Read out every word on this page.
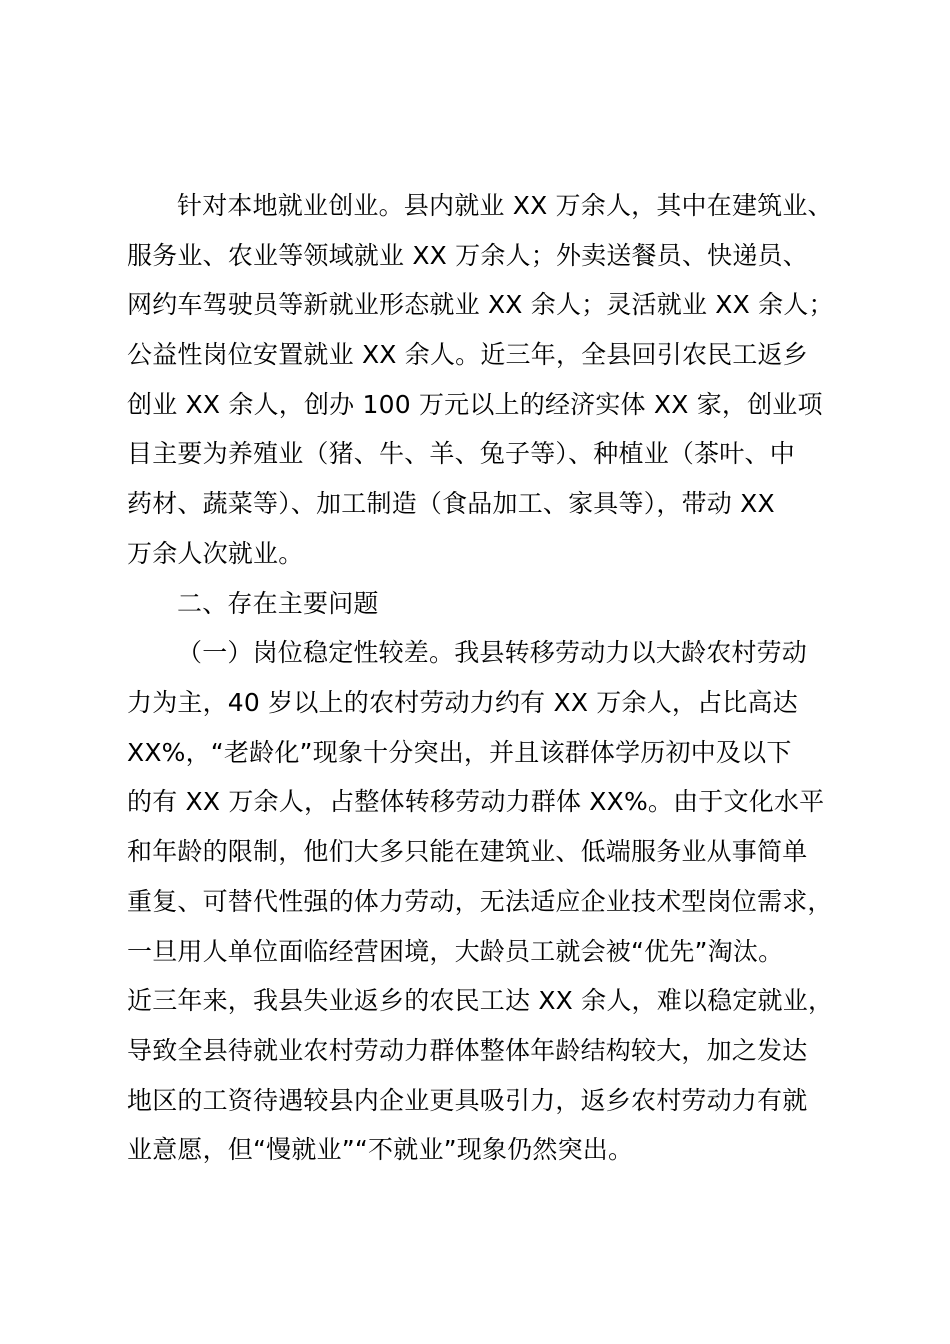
针对本地就业创业。县内就业 XX 万余人，其中在建筑业、
服务业、农业等领域就业 XX 万余人；外卖送餐员、快递员、
网约车驾驶员等新就业形态就业 XX 余人；灵活就业 XX 余人；
公益性岗位安置就业 XX 余人。近三年，全县回引农民工返乡
创业 XX 余人，创办 100 万元以上的经济实体 XX 家，创业项
目主要为养殖业（猪、牛、羊、兔子等）、种植业（茶叶、中
药材、蔬菜等）、加工制造（食品加工、家具等），带动 XX
万余人次就业。
二、存在主要问题
（一）岗位稳定性较差。我县转移劳动力以大龄农村劳动
力为主，40 岁以上的农村劳动力约有 XX 万余人，占比高达
XX%，“老龄化”现象十分突出，并且该群体学历初中及以下
的有 XX 万余人，占整体转移劳动力群体 XX%。由于文化水平
和年龄的限制，他们大多只能在建筑业、低端服务业从事简单
重复、可替代性强的体力劳动，无法适应企业技术型岗位需求，
一旦用人单位面临经营困境，大龄员工就会被“优先”淘汰。
近三年来，我县失业返乡的农民工达 XX 余人，难以稳定就业，
导致全县待就业农村劳动力群体整体年龄结构较大，加之发达
地区的工资待遇较县内企业更具吸引力，返乡农村劳动力有就
业意愿，但“慢就业”“不就业”现象仍然突出。
